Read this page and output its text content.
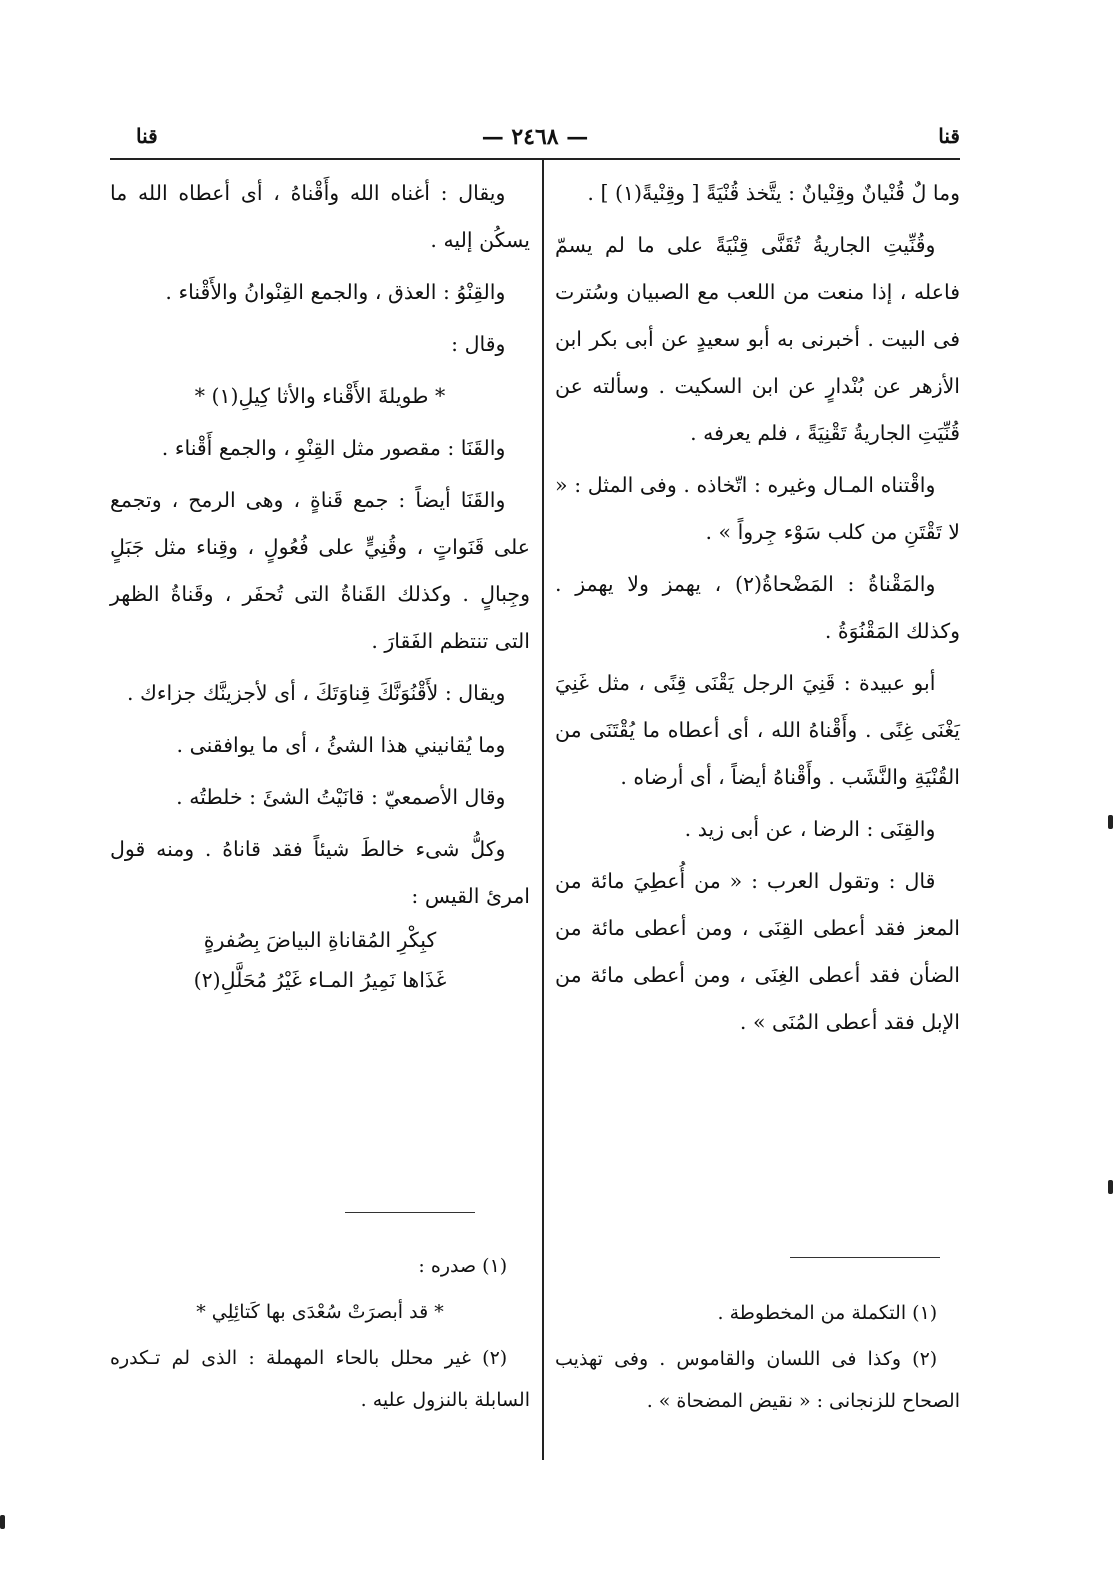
قنا
— ٢٤٦٨ —
قنا

وما لٌ قُنْيانٌ وقِنْيانٌ : يتَّخذ قُنْيَةً [ وقِنْيةً(١) ] .

وقُنِّيتِ الجاريةُ تُقَنَّى قِنْيَةً على ما لم يسمّ فاعله ، إذا منعت من اللعب مع الصبيان وسُترت فى البيت . أخبرنى به أبو سعيدٍ عن أبى بكر ابن الأزهر عن بُنْدارٍ عن ابن السكيت . وسألته عن قُنِّيَتِ الجاريةُ تَقْنِيَةً ، فلم يعرفه .

واقْتناه المـال وغيره : اتّخاذه . وفى المثل : « لا تَقْتَنِ من كلب سَوْء جِرواً » .

والمَقْناةُ : المَضْحاةُ(٢) ، يهمز ولا يهمز . وكذلك المَقْنُوَةُ .

أبو عبيدة : قَنِيَ الرجل يَقْنَى قِنًى ، مثل غَنِيَ يَغْنَى غِنًى . وأَقْناهُ الله ، أى أعطاه ما يُقْتَنَى من القُنْيَةِ والنَّشَب . وأَقْناهُ أيضاً ، أى أرضاه .

والقِنَى : الرضا ، عن أبى زيد .

قال : وتقول العرب : « من أُعطِيَ مائة من المعز فقد أعطى القِنَى ، ومن أعطى مائة من الضأن فقد أعطى الغِنَى ، ومن أعطى مائة من الإبل فقد أعطى المُنَى » .

(١) التكملة من المخطوطة .

(٢) وكذا فى اللسان والقاموس . وفى تهذيب الصحاح للزنجانى : « نقيض المضحاة » .

ويقال : أغناه الله وأَقْناهُ ، أى أعطاه الله ما يسكُن إليه .

والقِنْوُ : العذق ، والجمع القِنْوانُ والأَقْناء .

وقال :

* طويلةَ الأَقْناء والأثا كِيلِ(١) *

والقَنَا : مقصور مثل القِنْوِ ، والجمع أَقْناء .

والقَنَا أيضاً : جمع قَناةٍ ، وهى الرمح ، وتجمع على قَنَواتٍ ، وقُنِيٍّ على فُعُولٍ ، وقِناء مثل جَبَلٍ وجِبالٍ . وكذلك القَناةُ التى تُحفَر ، وقَناةُ الظهر التى تنتظم الفَقارَ .

ويقال : لأَقْنُوَنَّكَ قِناوَتَكَ ، أى لأجزينَّك جزاءك .

وما يُقانيني هذا الشئُ ، أى ما يوافقنى .

وقال الأصمعيّ : قانَيْتُ الشئَ : خلطتُه .

وكلُّ شىء خالطَ شيئاً فقد قاناهُ . ومنه قول امرئ القيس :

كبِكْرِ المُقاناةِ البياضَ بِصُفرةٍ

غَذَاها نَمِيرُ المـاء غَيْرُ مُحَلَّلِ(٢)

(١) صدره :

* قد أبصرَتْ سُعْدَى بها كَتائِلِي *

(٢) غير محلل بالحاء المهملة : الذى لم تـكدره السابلة بالنزول عليه .
